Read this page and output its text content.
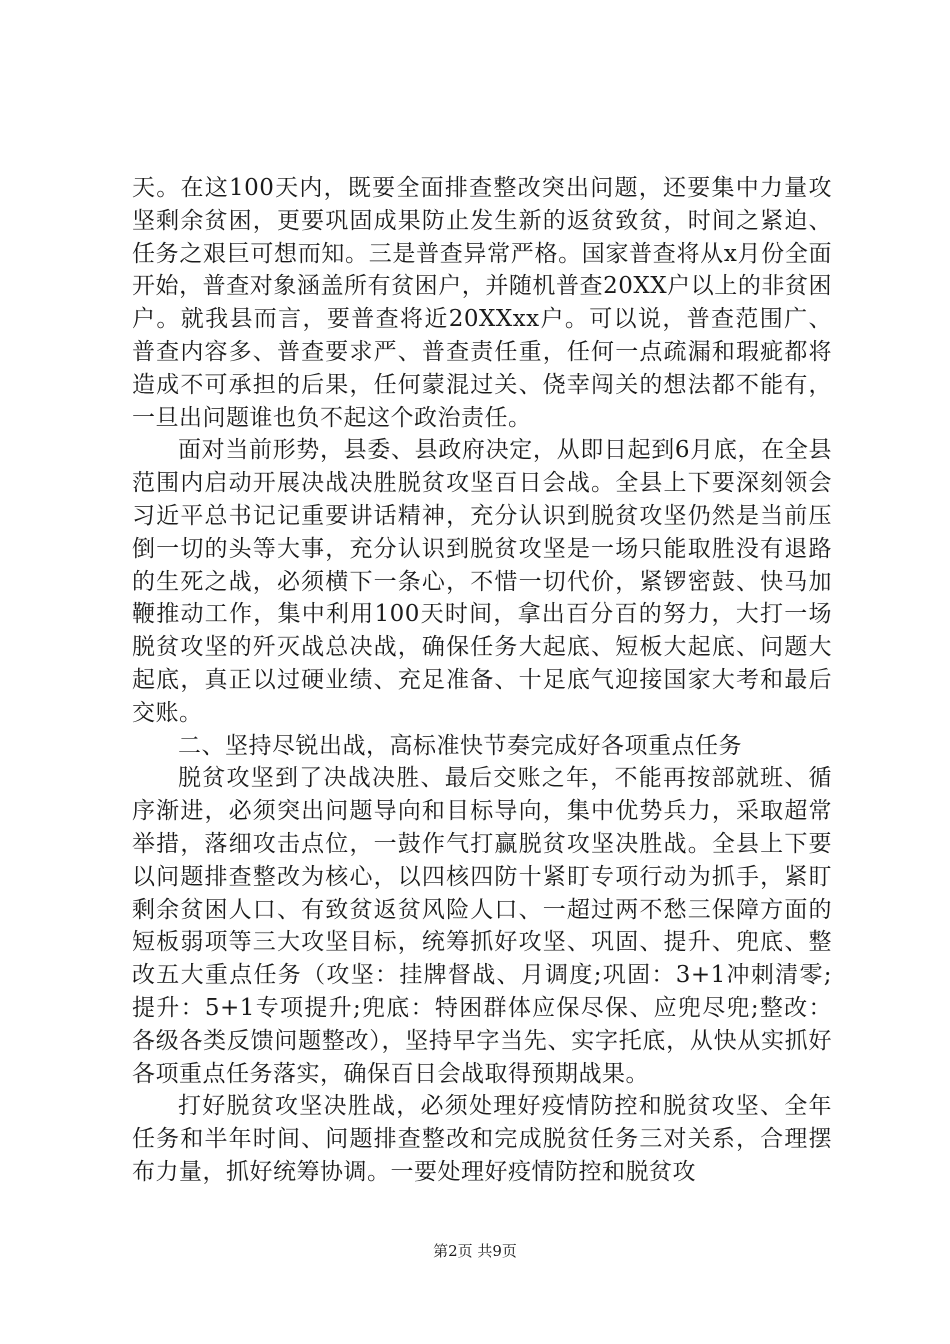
天。在这100天内，既要全面排查整改突出问题，还要集中力量攻坚剩余贫困，更要巩固成果防止发生新的返贫致贫，时间之紧迫、任务之艰巨可想而知。三是普查异常严格。国家普查将从x月份全面开始，普查对象涵盖所有贫困户，并随机普查20XX户以上的非贫困户。就我县而言，要普查将近20XXxx户。可以说，普查范围广、普查内容多、普查要求严、普查责任重，任何一点疏漏和瑕疵都将造成不可承担的后果，任何蒙混过关、侥幸闯关的想法都不能有，一旦出问题谁也负不起这个政治责任。

面对当前形势，县委、县政府决定，从即日起到6月底，在全县范围内启动开展决战决胜脱贫攻坚百日会战。全县上下要深刻领会习近平总书记记重要讲话精神，充分认识到脱贫攻坚仍然是当前压倒一切的头等大事，充分认识到脱贫攻坚是一场只能取胜没有退路的生死之战，必须横下一条心，不惜一切代价，紧锣密鼓、快马加鞭推动工作，集中利用100天时间，拿出百分百的努力，大打一场脱贫攻坚的歼灭战总决战，确保任务大起底、短板大起底、问题大起底，真正以过硬业绩、充足准备、十足底气迎接国家大考和最后交账。

二、坚持尽锐出战，高标准快节奏完成好各项重点任务

脱贫攻坚到了决战决胜、最后交账之年，不能再按部就班、循序渐进，必须突出问题导向和目标导向，集中优势兵力，采取超常举措，落细攻击点位，一鼓作气打赢脱贫攻坚决胜战。全县上下要以问题排查整改为核心，以四核四防十紧盯专项行动为抓手，紧盯剩余贫困人口、有致贫返贫风险人口、一超过两不愁三保障方面的短板弱项等三大攻坚目标，统筹抓好攻坚、巩固、提升、兜底、整改五大重点任务（攻坚：挂牌督战、月调度;巩固：3+1冲刺清零;提升：5+1专项提升;兜底：特困群体应保尽保、应兜尽兜;整改：各级各类反馈问题整改），坚持早字当先、实字托底，从快从实抓好各项重点任务落实，确保百日会战取得预期战果。

打好脱贫攻坚决胜战，必须处理好疫情防控和脱贫攻坚、全年任务和半年时间、问题排查整改和完成脱贫任务三对关系，合理摆布力量，抓好统筹协调。一要处理好疫情防控和脱贫攻

第2页 共9页
